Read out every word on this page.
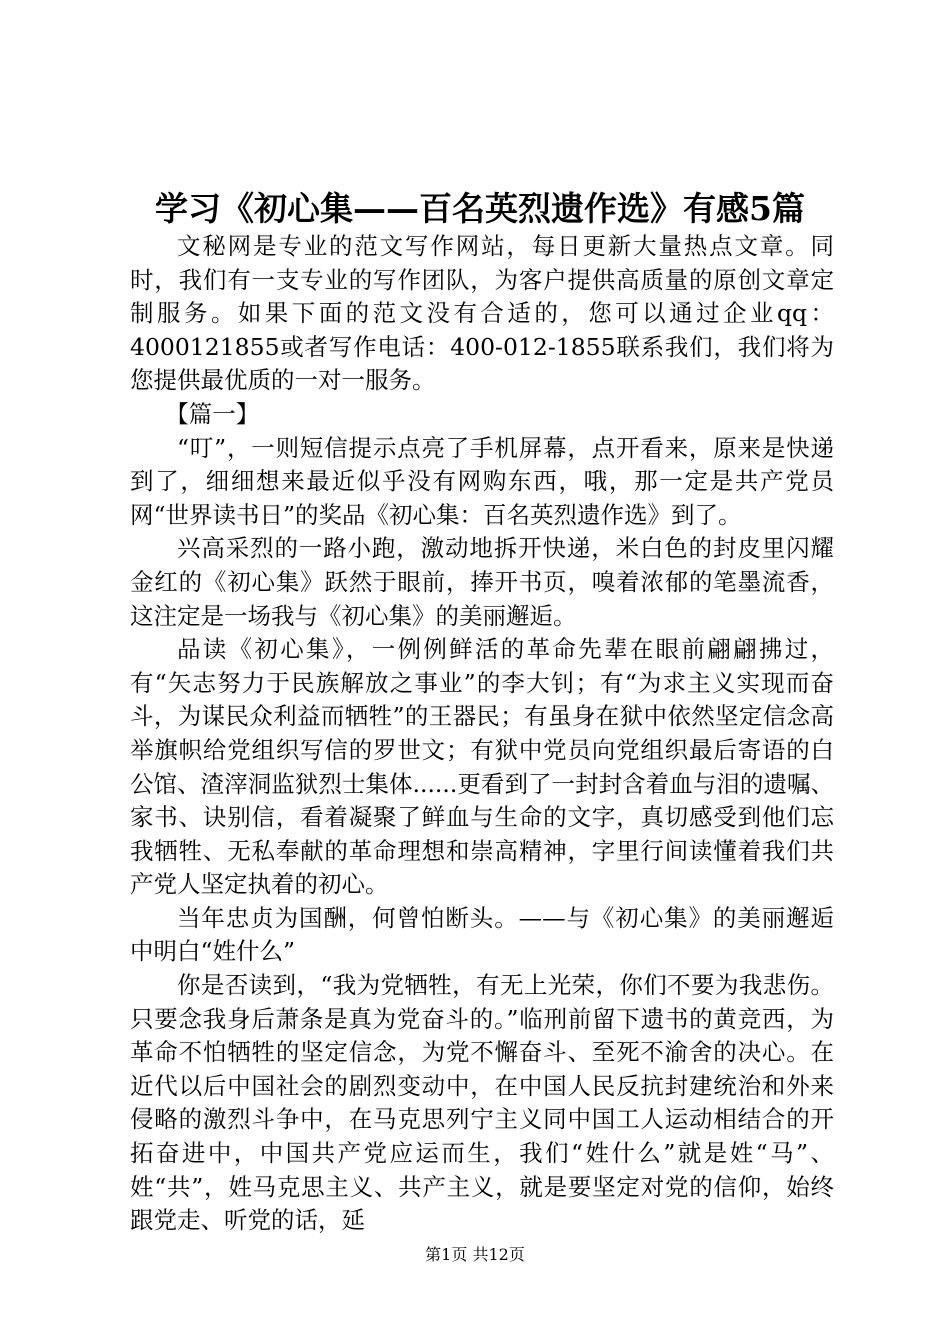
学习《初心集——百名英烈遗作选》有感5篇

文秘网是专业的范文写作网站，每日更新大量热点文章。同时，我们有一支专业的写作团队，为客户提供高质量的原创文章定制服务。如果下面的范文没有合适的，您可以通过企业qq：4000121855或者写作电话：400-012-1855联系我们，我们将为您提供最优质的一对一服务。

【篇一】

“叮”，一则短信提示点亮了手机屏幕，点开看来，原来是快递到了，细细想来最近似乎没有网购东西，哦，那一定是共产党员网“世界读书日”的奖品《初心集：百名英烈遗作选》到了。

兴高采烈的一路小跑，激动地拆开快递，米白色的封皮里闪耀金红的《初心集》跃然于眼前，捧开书页，嗅着浓郁的笔墨流香，这注定是一场我与《初心集》的美丽邂逅。

品读《初心集》，一例例鲜活的革命先辈在眼前翩翩拂过，有“矢志努力于民族解放之事业”的李大钊；有“为求主义实现而奋斗，为谋民众利益而牺牲”的王器民；有虽身在狱中依然坚定信念高举旗帜给党组织写信的罗世文；有狱中党员向党组织最后寄语的白公馆、渣滓洞监狱烈士集体......更看到了一封封含着血与泪的遗嘱、家书、诀别信，看着凝聚了鲜血与生命的文字，真切感受到他们忘我牺牲、无私奉献的革命理想和崇高精神，字里行间读懂着我们共产党人坚定执着的初心。

当年忠贞为国酬，何曾怕断头。——与《初心集》的美丽邂逅中明白“姓什么”

你是否读到，“我为党牺牲，有无上光荣，你们不要为我悲伤。只要念我身后萧条是真为党奋斗的。”临刑前留下遗书的黄竞西，为革命不怕牺牲的坚定信念，为党不懈奋斗、至死不渝舍的决心。在近代以后中国社会的剧烈变动中，在中国人民反抗封建统治和外来侵略的激烈斗争中，在马克思列宁主义同中国工人运动相结合的开拓奋进中，中国共产党应运而生，我们“姓什么”就是姓“马”、姓“共”，姓马克思主义、共产主义，就是要坚定对党的信仰，始终跟党走、听党的话，延

第1页 共12页
